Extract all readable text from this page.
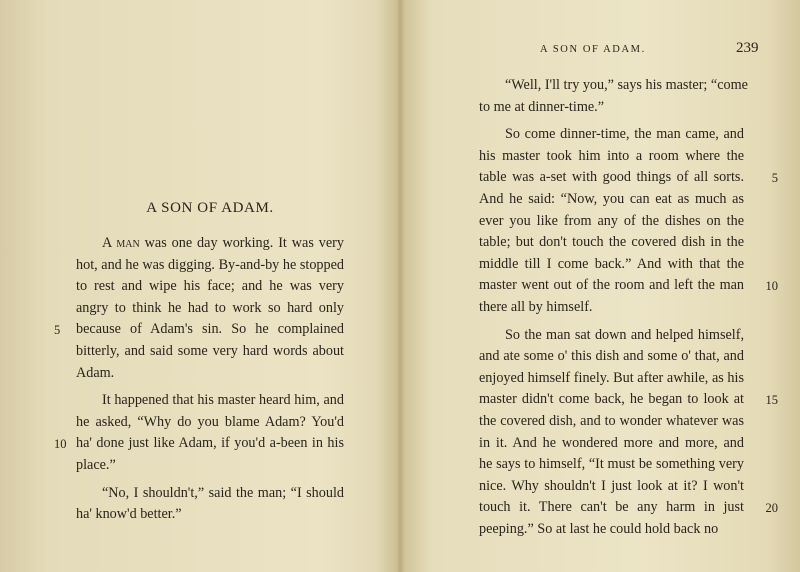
A SON OF ADAM.
A man was one day working. It was very
hot, and he was digging. By-and-by he stopped
to rest and wipe his face; and he was very
angry to think he had to work so hard only
because of Adam's sin. So he complained
5
bitterly, and said some very hard words about
Adam.
It happened that his master heard him, and
he asked, “Why do you blame Adam? You'd
ha' done just like Adam, if you'd a-been in his
10
place.”
“No, I shouldn't,” said the man; “I should
ha' know'd better.”
A SON OF ADAM.	239
“Well, I'll try you,” says his master; “come
to me at dinner-time.”
So come dinner-time, the man came, and
his master took him into a room where the
table was a-set with good things of all sorts. 5
And he said: “Now, you can eat as much as
ever you like from any of the dishes on the
table; but don't touch the covered dish in the
middle till I come back.” And with that the
master went out of the room and left the man 10
there all by himself.
So the man sat down and helped himself,
and ate some o' this dish and some o' that, and
enjoyed himself finely. But after awhile, as his
master didn't come back, he began to look at 15
the covered dish, and to wonder whatever was
in it. And he wondered more and more, and
he says to himself, “It must be something very
nice. Why shouldn't I just look at it? I won't
touch it. There can't be any harm in just 20
peeping.” So at last he could hold back no
